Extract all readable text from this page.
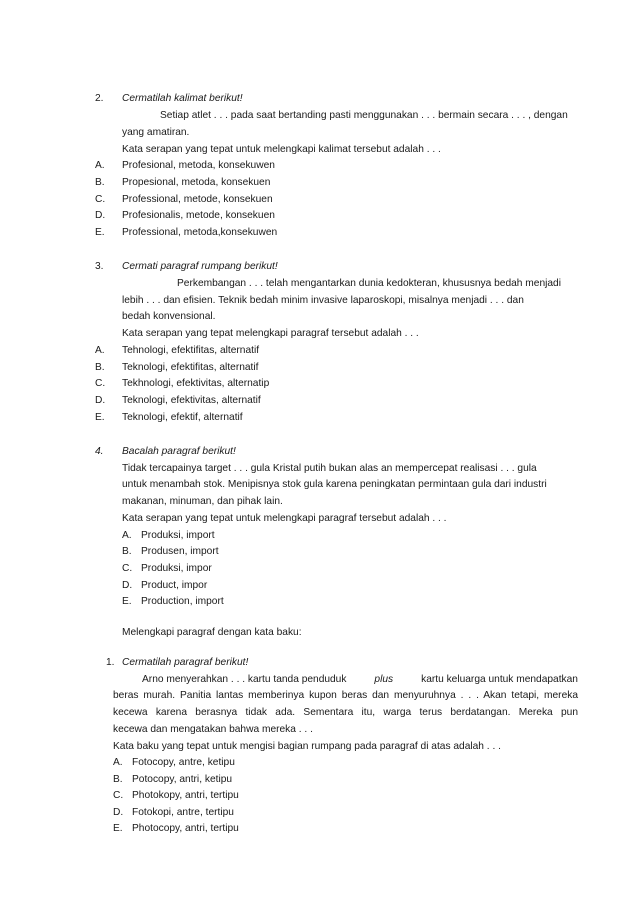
2. Cermatilah kalimat berikut!
Setiap atlet . . . pada saat bertanding pasti menggunakan . . . bermain secara . . . , dengan
yang amatiran.
Kata serapan yang tepat untuk melengkapi kalimat tersebut adalah . . .
A. Profesional, metoda, konsekuwen
B. Propesional, metoda, konsekuen
C. Professional, metode, konsekuen
D. Profesionalis, metode, konsekuen
E. Professional, metoda,konsekuwen
3. Cermati paragraf rumpang berikut!
Perkembangan . . . telah mengantarkan dunia kedokteran, khususnya bedah menjadi
lebih . . . dan efisien. Teknik bedah minim invasive laparoskopi, misalnya menjadi . . . dan
bedah konvensional.
Kata serapan yang tepat melengkapi paragraf tersebut adalah . . .
A. Tehnologi, efektifitas, alternatif
B. Teknologi, efektifitas, alternatif
C. Tekhnologi, efektivitas, alternatip
D. Teknologi, efektivitas, alternatif
E. Teknologi, efektif, alternatif
4. Bacalah paragraf berikut!
Tidak tercapainya target . . . gula Kristal putih bukan alas an mempercepat realisasi . . . gula
untuk menambah stok. Menipisnya stok gula karena peningkatan permintaan gula dari industri
makanan, minuman, dan pihak lain.
Kata serapan yang tepat untuk melengkapi paragraf tersebut adalah . . .
A. Produksi, import
B. Produsen, import
C. Produksi, impor
D. Product, impor
E. Production, import
Melengkapi paragraf dengan kata baku:
1. Cermatilah paragraf berikut!
Arno menyerahkan . . . kartu tanda penduduk	plus	kartu keluarga untuk mendapatkan
beras murah. Panitia lantas memberinya kupon beras dan menyuruhnya . . . Akan tetapi, mereka
kecewa karena berasnya tidak ada. Sementara itu, warga terus berdatangan. Mereka pun
kecewa dan mengatakan bahwa mereka . . .
Kata baku yang tepat untuk mengisi bagian rumpang pada paragraf di atas adalah . . .
A. Fotocopy, antre, ketipu
B. Potocopy, antri, ketipu
C. Photokopy, antri, tertipu
D. Fotokopi, antre, tertipu
E. Photocopy, antri, tertipu
